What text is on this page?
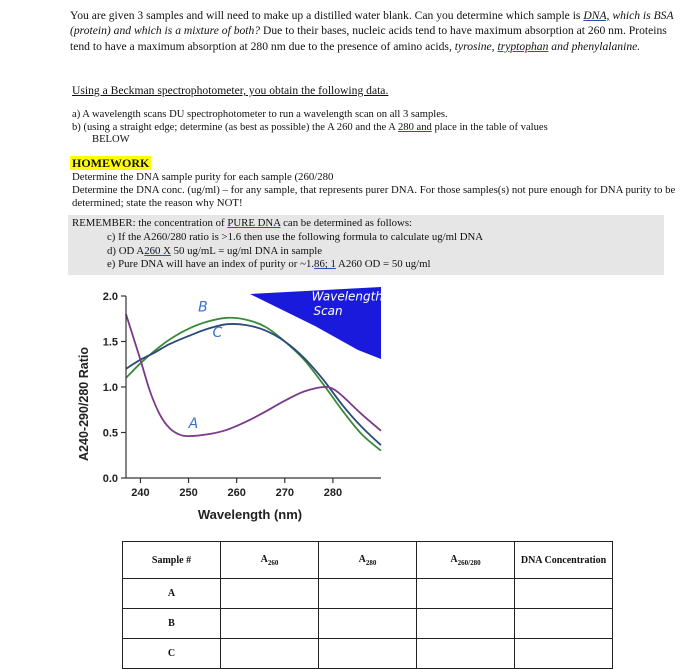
You are given 3 samples and will need to make up a distilled water blank. Can you determine which sample is DNA, which is BSA (protein) and which is a mixture of both? Due to their bases, nucleic acids tend to have maximum absorption at 260 nm. Proteins tend to have a maximum absorption at 280 nm due to the presence of amino acids, tyrosine, tryptophan and phenylalanine.
Using a Beckman spectrophotometer, you obtain the following data.
a) A wavelength scans DU spectrophotometer to run a wavelength scan on all 3 samples.
b) (using a straight edge; determine (as best as possible) the A 260 and the A 280 and place in the table of values
BELOW
HOMEWORK
Determine the DNA sample purity for each sample (260/280
Determine the DNA conc. (ug/ml) – for any sample, that represents purer DNA. For those samples(s) not pure enough for DNA purity to be determined; state the reason why NOT!
REMEMBER: the concentration of PURE DNA can be determined as follows:
c) If the A260/280 ratio is >1.6 then use the following formula to calculate ug/ml DNA
d) OD A260 X 50 ug/mL = ug/ml DNA in sample
e) Pure DNA will have an index of purity or ~1.86; 1 A260 OD = 50 ug/ml
0.0
0.5
1.0
1.5
2.0
240	250	260	270	280
Wavelength (nm)
A240-290/280 Ratio
B
C
A
Wavelength
Scan
Sample #	$A_{260}$	$A_{280}$	$A_{260/280}$	DNA Concentration
A				
B				
C				
